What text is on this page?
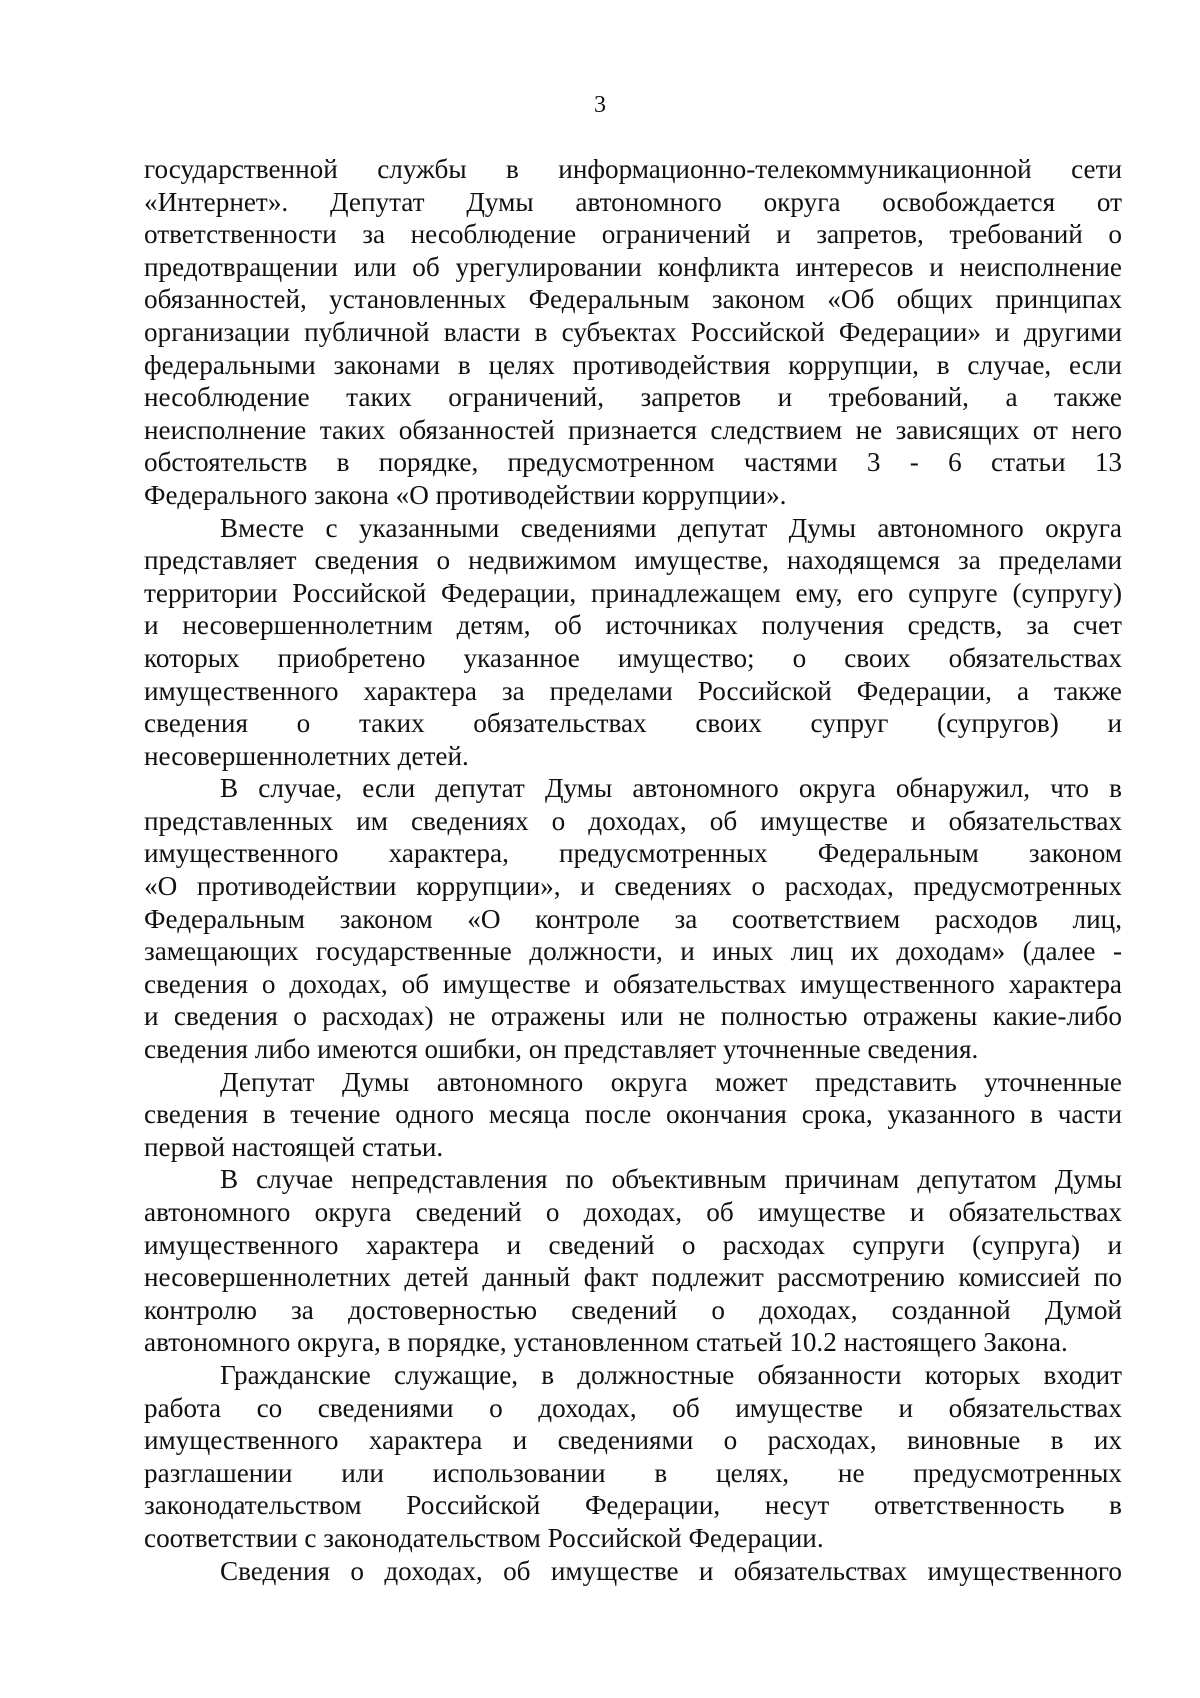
3
государственной службы в информационно-телекоммуникационной сети
«Интернет». Депутат Думы автономного округа освобождается от
ответственности за несоблюдение ограничений и запретов, требований о
предотвращении или об урегулировании конфликта интересов и неисполнение
обязанностей, установленных Федеральным законом «Об общих принципах
организации публичной власти в субъектах Российской Федерации» и другими
федеральными законами в целях противодействия коррупции, в случае, если
несоблюдение таких ограничений, запретов и требований, а также
неисполнение таких обязанностей признается следствием не зависящих от него
обстоятельств в порядке, предусмотренном частями 3 - 6 статьи 13
Федерального закона «О противодействии коррупции».
Вместе с указанными сведениями депутат Думы автономного округа
представляет сведения о недвижимом имуществе, находящемся за пределами
территории Российской Федерации, принадлежащем ему, его супруге (супругу)
и несовершеннолетним детям, об источниках получения средств, за счет
которых приобретено указанное имущество; о своих обязательствах
имущественного характера за пределами Российской Федерации, а также
сведения о таких обязательствах своих супруг (супругов) и
несовершеннолетних детей.
В случае, если депутат Думы автономного округа обнаружил, что в
представленных им сведениях о доходах, об имуществе и обязательствах
имущественного характера, предусмотренных Федеральным законом
«О противодействии коррупции», и сведениях о расходах, предусмотренных
Федеральным законом «О контроле за соответствием расходов лиц,
замещающих государственные должности, и иных лиц их доходам» (далее -
сведения о доходах, об имуществе и обязательствах имущественного характера
и сведения о расходах) не отражены или не полностью отражены какие-либо
сведения либо имеются ошибки, он представляет уточненные сведения.
Депутат Думы автономного округа может представить уточненные
сведения в течение одного месяца после окончания срока, указанного в части
первой настоящей статьи.
В случае непредставления по объективным причинам депутатом Думы
автономного округа сведений о доходах, об имуществе и обязательствах
имущественного характера и сведений о расходах супруги (супруга) и
несовершеннолетних детей данный факт подлежит рассмотрению комиссией по
контролю за достоверностью сведений о доходах, созданной Думой
автономного округа, в порядке, установленном статьей 10.2 настоящего Закона.
Гражданские служащие, в должностные обязанности которых входит
работа со сведениями о доходах, об имуществе и обязательствах
имущественного характера и сведениями о расходах, виновные в их
разглашении или использовании в целях, не предусмотренных
законодательством Российской Федерации, несут ответственность в
соответствии с законодательством Российской Федерации.
Сведения о доходах, об имуществе и обязательствах имущественного
